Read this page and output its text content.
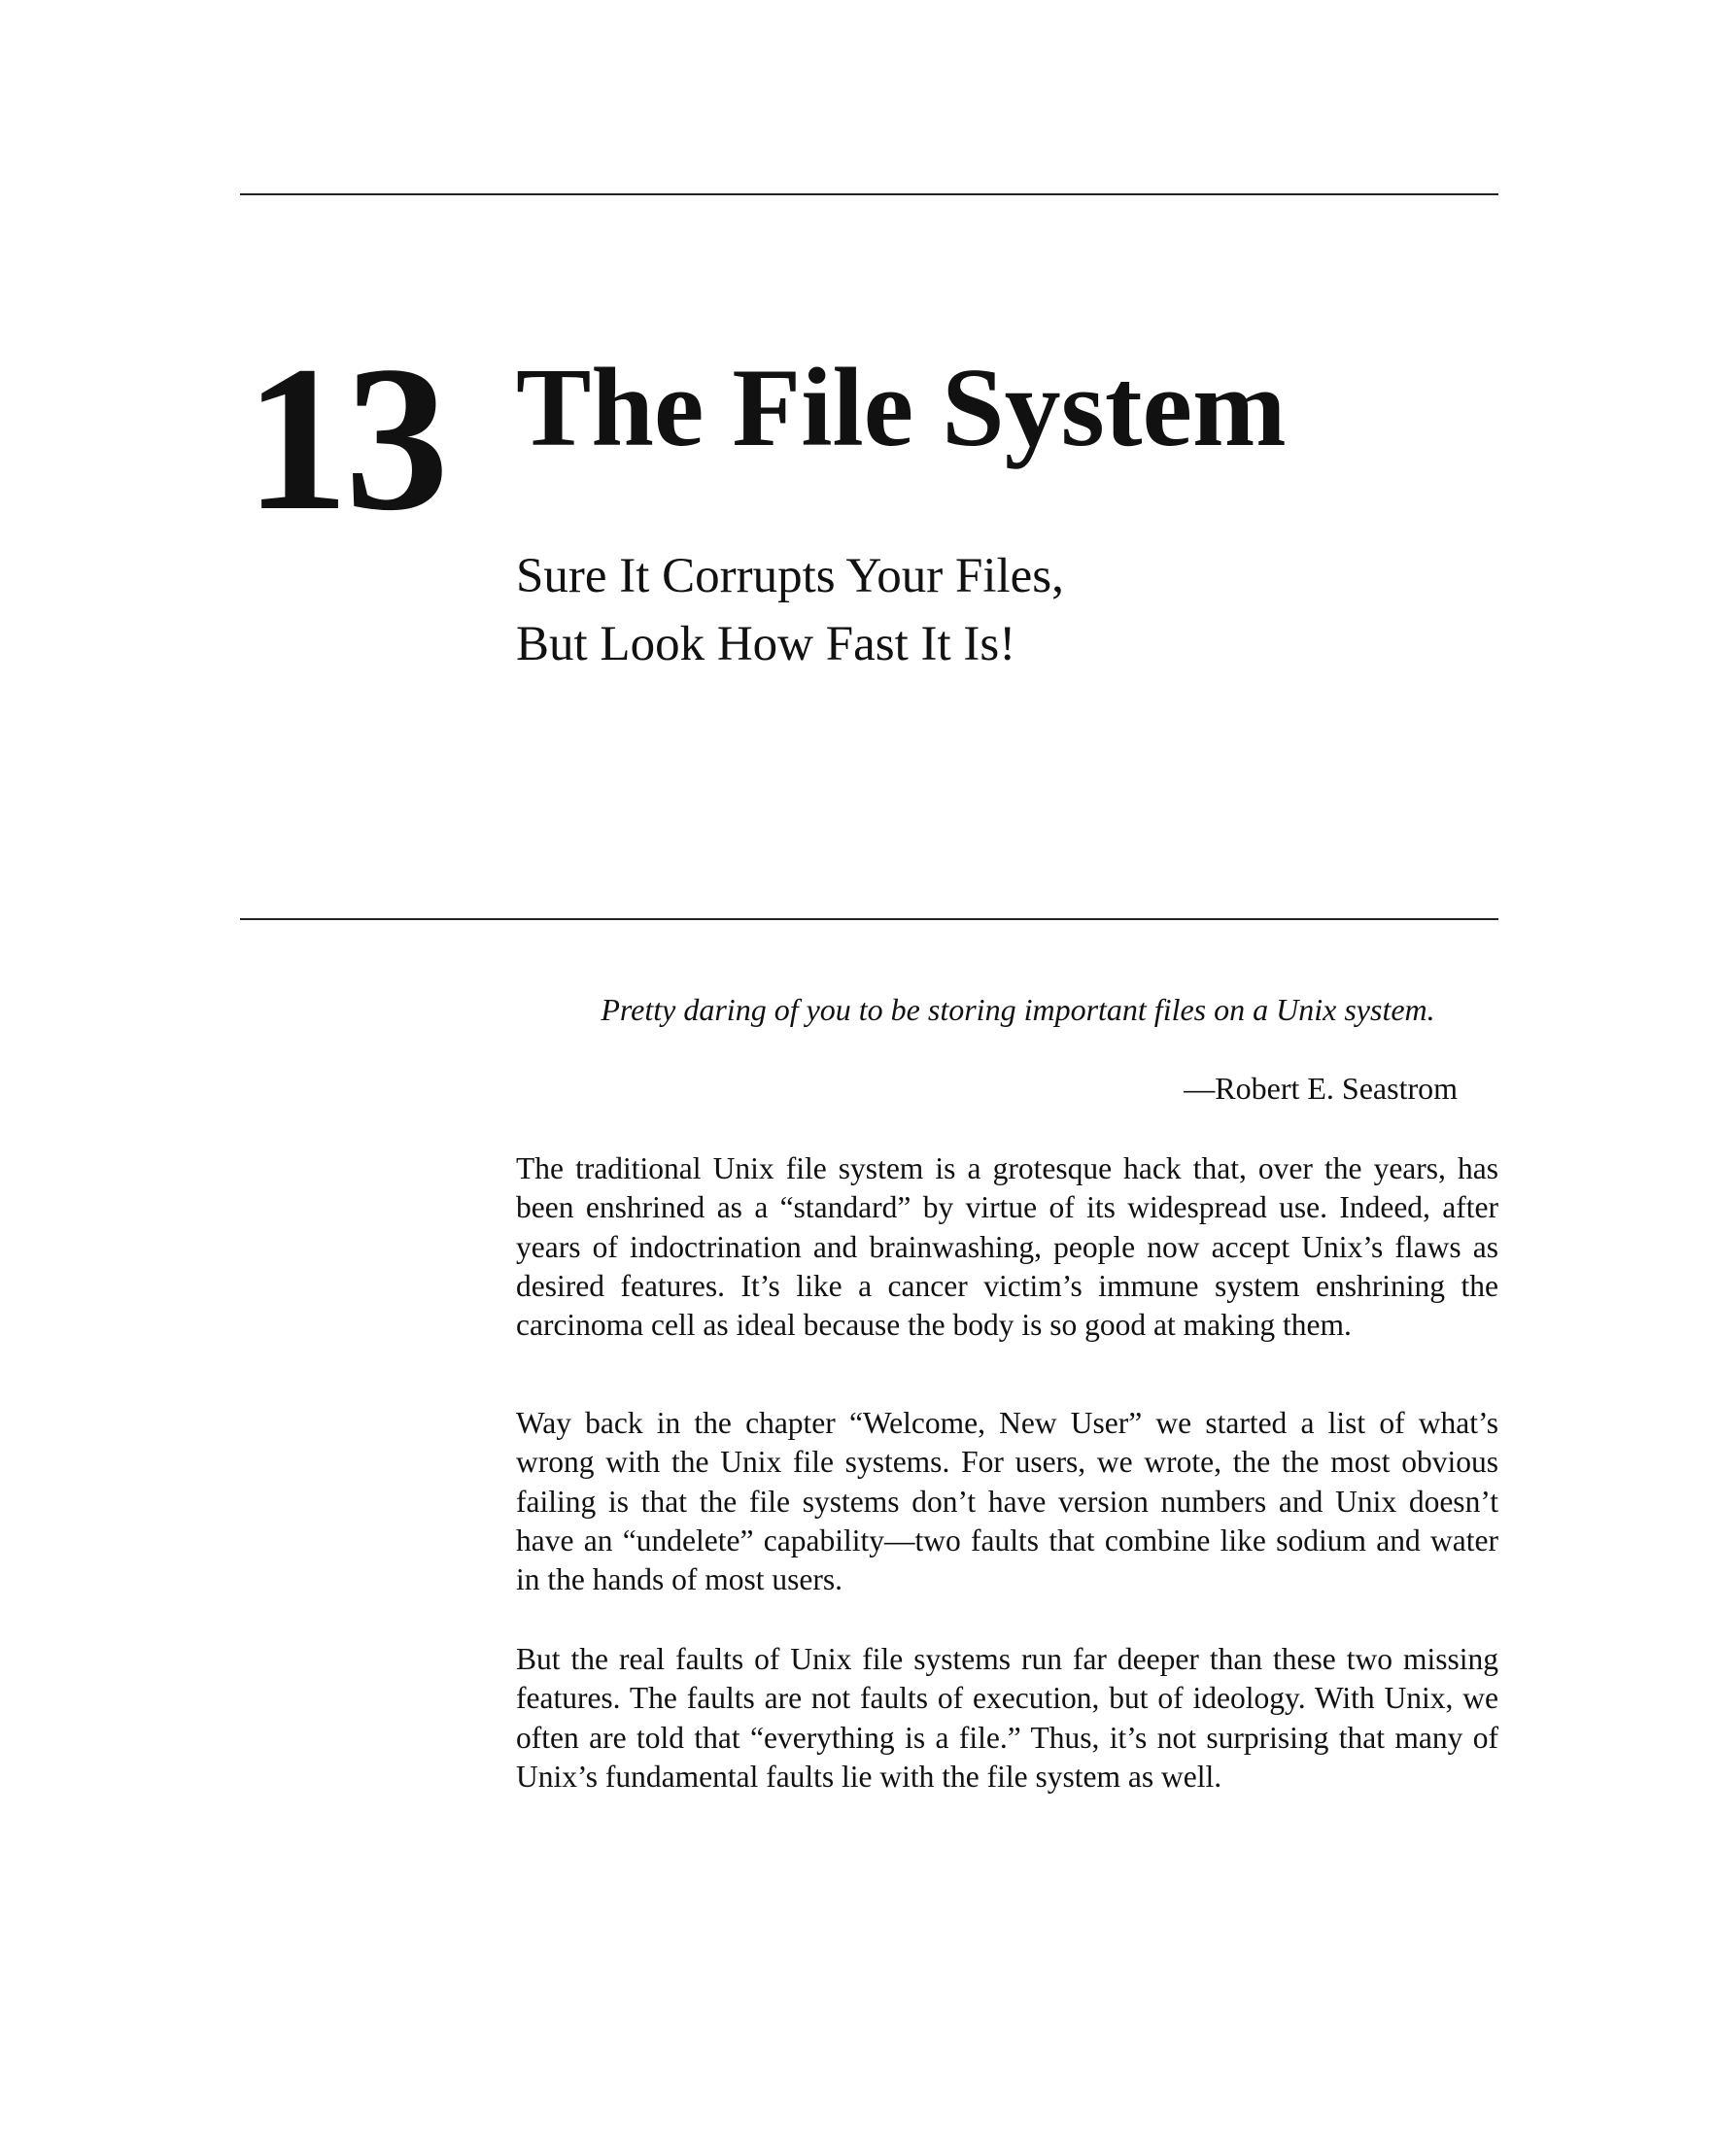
13 The File System
Sure It Corrupts Your Files,
But Look How Fast It Is!

Pretty daring of you to be storing important files on a Unix system.

—Robert E. Seastrom

The traditional Unix file system is a grotesque hack that, over the years, has been enshrined as a “standard” by virtue of its widespread use. Indeed, after years of indoctrination and brainwashing, people now accept Unix’s flaws as desired features. It’s like a cancer victim’s immune system enshrining the carcinoma cell as ideal because the body is so good at making them.

Way back in the chapter “Welcome, New User” we started a list of what’s wrong with the Unix file systems. For users, we wrote, the the most obvious failing is that the file systems don’t have version numbers and Unix doesn’t have an “undelete” capability—two faults that combine like sodium and water in the hands of most users.

But the real faults of Unix file systems run far deeper than these two missing features. The faults are not faults of execution, but of ideology. With Unix, we often are told that “everything is a file.” Thus, it’s not surprising that many of Unix’s fundamental faults lie with the file system as well.
